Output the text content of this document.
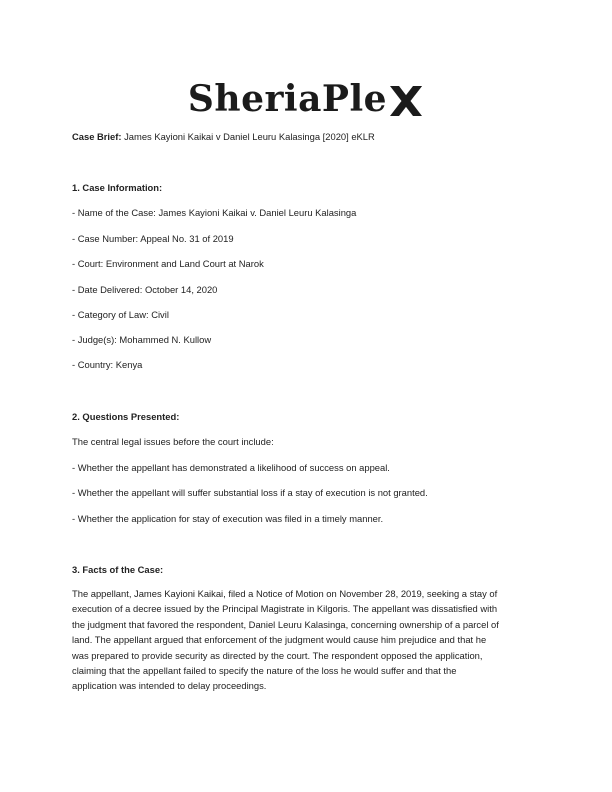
SheriaPle
Case Brief: James Kayioni Kaikai v Daniel Leuru Kalasinga [2020] eKLR
1. Case Information:
- Name of the Case: James Kayioni Kaikai v. Daniel Leuru Kalasinga
- Case Number: Appeal No. 31 of 2019
- Court: Environment and Land Court at Narok
- Date Delivered: October 14, 2020
- Category of Law: Civil
- Judge(s): Mohammed N. Kullow
- Country: Kenya
2. Questions Presented:
The central legal issues before the court include:
- Whether the appellant has demonstrated a likelihood of success on appeal.
- Whether the appellant will suffer substantial loss if a stay of execution is not granted.
- Whether the application for stay of execution was filed in a timely manner.
3. Facts of the Case:
The appellant, James Kayioni Kaikai, filed a Notice of Motion on November 28, 2019, seeking a stay of
execution of a decree issued by the Principal Magistrate in Kilgoris. The appellant was dissatisfied with
the judgment that favored the respondent, Daniel Leuru Kalasinga, concerning ownership of a parcel of
land. The appellant argued that enforcement of the judgment would cause him prejudice and that he
was prepared to provide security as directed by the court. The respondent opposed the application,
claiming that the appellant failed to specify the nature of the loss he would suffer and that the
application was intended to delay proceedings.
